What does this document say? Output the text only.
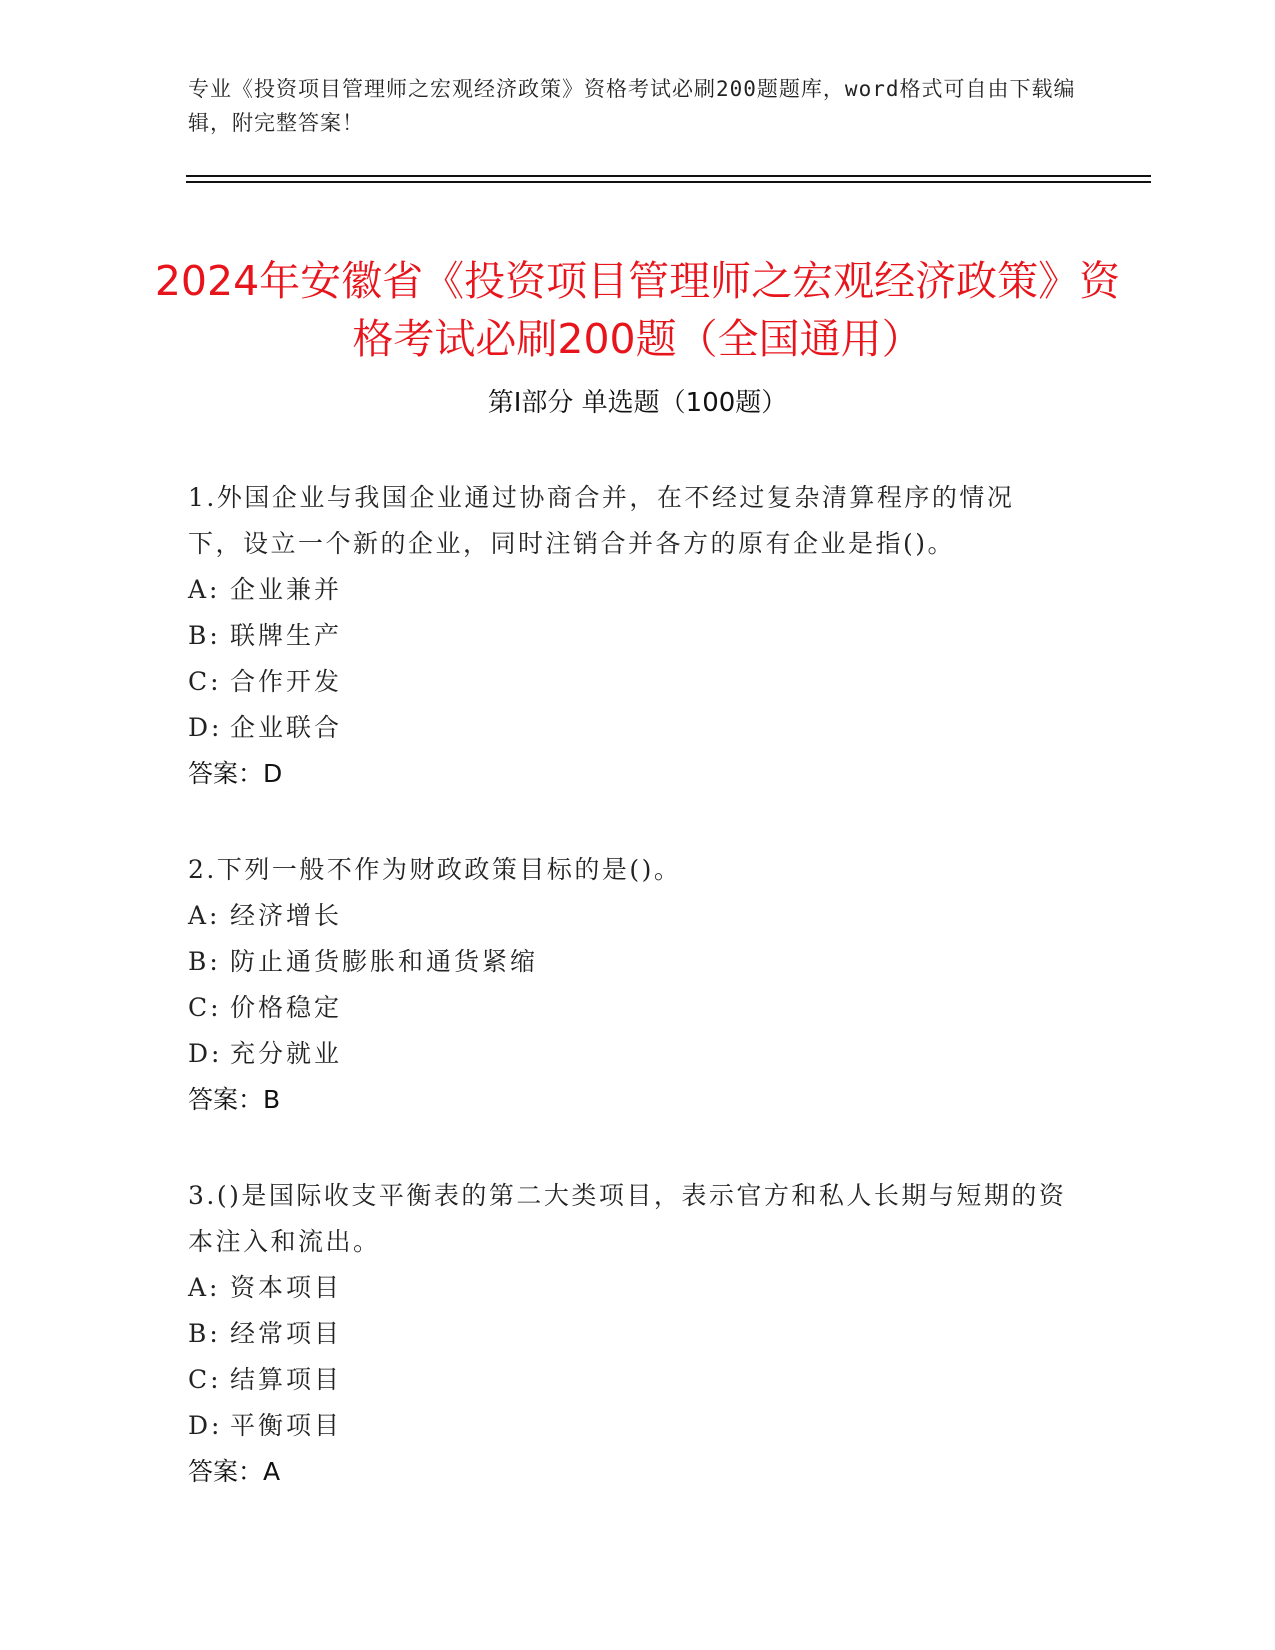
专业《投资项目管理师之宏观经济政策》资格考试必刷200题题库，word格式可自由下载编辑，附完整答案！
2024年安徽省《投资项目管理师之宏观经济政策》资格考试必刷200题（全国通用）
第Ⅰ部分 单选题（100题）

1.外国企业与我国企业通过协商合并，在不经过复杂清算程序的情况下，设立一个新的企业，同时注销合并各方的原有企业是指()。

A: 企业兼并

B: 联牌生产

C: 合作开发

D: 企业联合

答案：D

2.下列一般不作为财政政策目标的是()。

A: 经济增长

B: 防止通货膨胀和通货紧缩

C: 价格稳定

D: 充分就业

答案：B

3.()是国际收支平衡表的第二大类项目，表示官方和私人长期与短期的资本注入和流出。

A: 资本项目

B: 经常项目

C: 结算项目

D: 平衡项目

答案：A
